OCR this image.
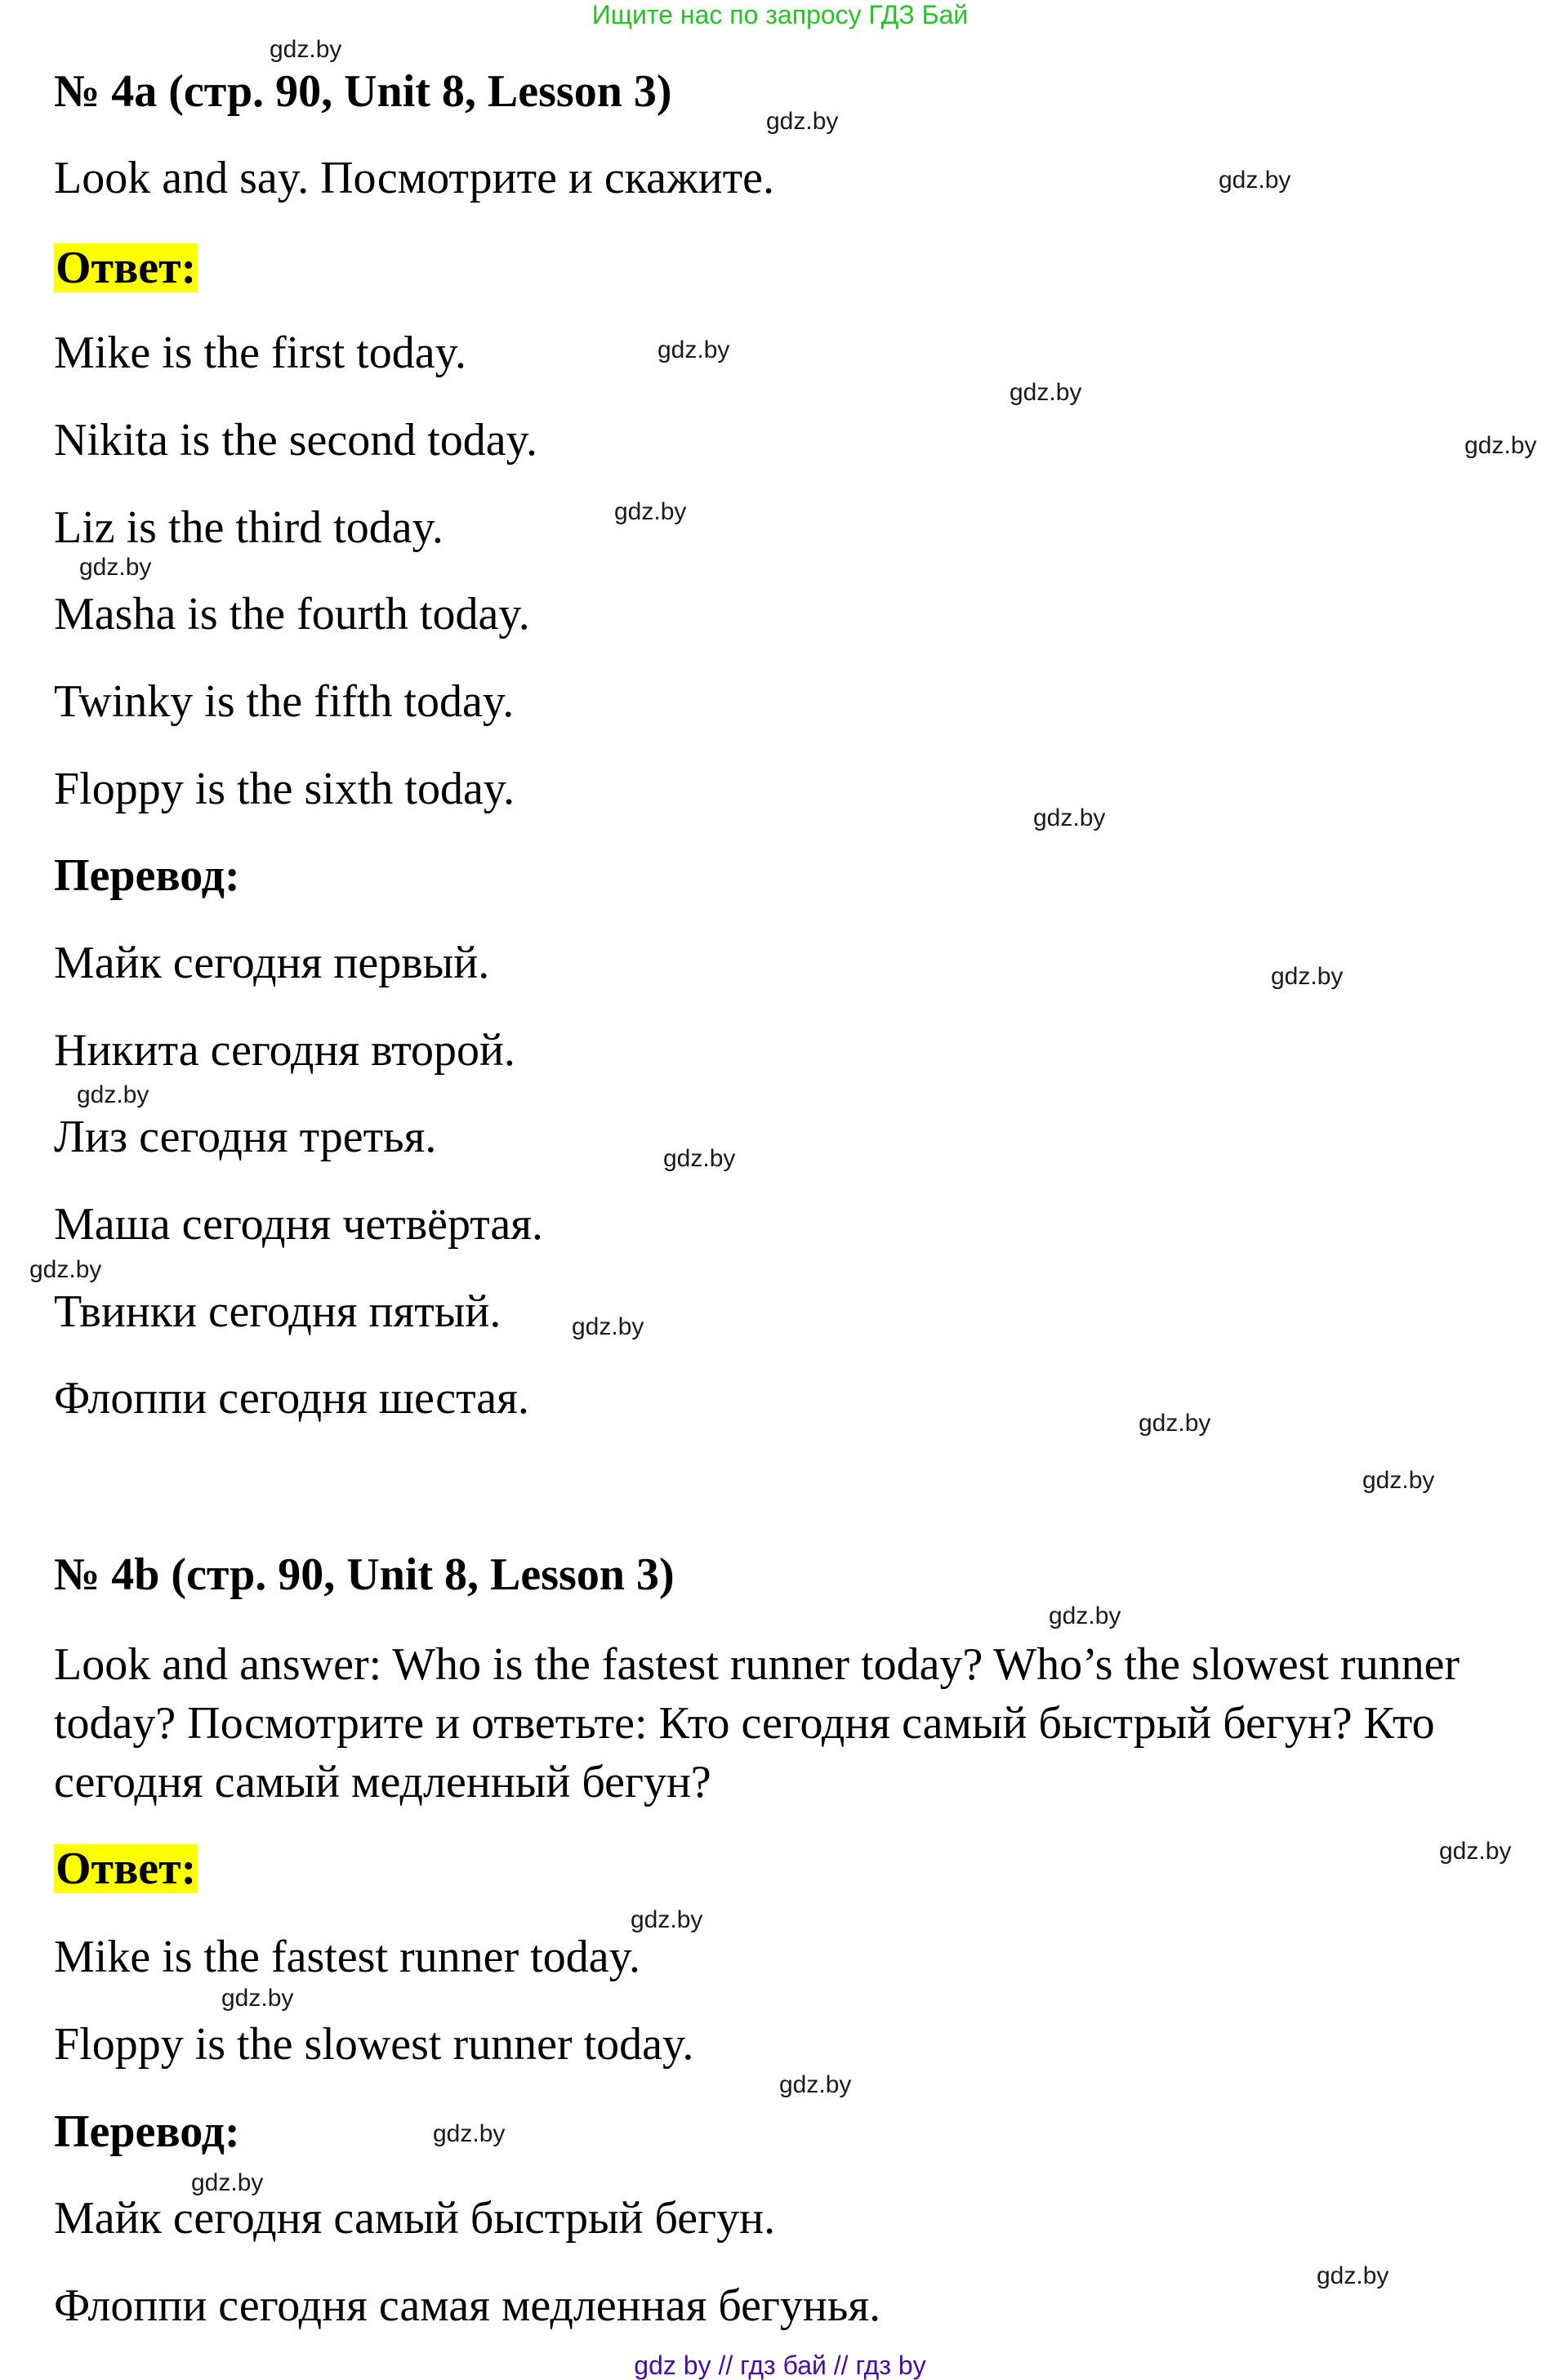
Ищите нас по запросу ГДЗ Бай
№ 4a (стр. 90, Unit 8, Lesson 3)
Look and say. Посмотрите и скажите.
Ответ:
Mike is the first today.
Nikita is the second today.
Liz is the third today.
Masha is the fourth today.
Twinky is the fifth today.
Floppy is the sixth today.
Перевод:
Майк сегодня первый.
Никита сегодня второй.
Лиз сегодня третья.
Маша сегодня четвёртая.
Твинки сегодня пятый.
Флоппи сегодня шестая.
№ 4b (стр. 90, Unit 8, Lesson 3)
Look and answer: Who is the fastest runner today? Who’s the slowest runner today? Посмотрите и ответьте: Кто сегодня самый быстрый бегун? Кто сегодня самый медленный бегун?
Ответ:
Mike is the fastest runner today.
Floppy is the slowest runner today.
Перевод:
Майк сегодня самый быстрый бегун.
Флоппи сегодня самая медленная бегунья.
gdz.by
gdz.by
gdz.by
gdz.by
gdz.by
gdz.by
gdz.by
gdz.by
gdz.by
gdz.by
gdz.by
gdz.by
gdz.by
gdz.by
gdz.by
gdz.by
gdz.by
gdz.by
gdz.by
gdz.by
gdz.by
gdz.by
gdz.by
gdz.by
gdz by // гдз бай // гдз by
